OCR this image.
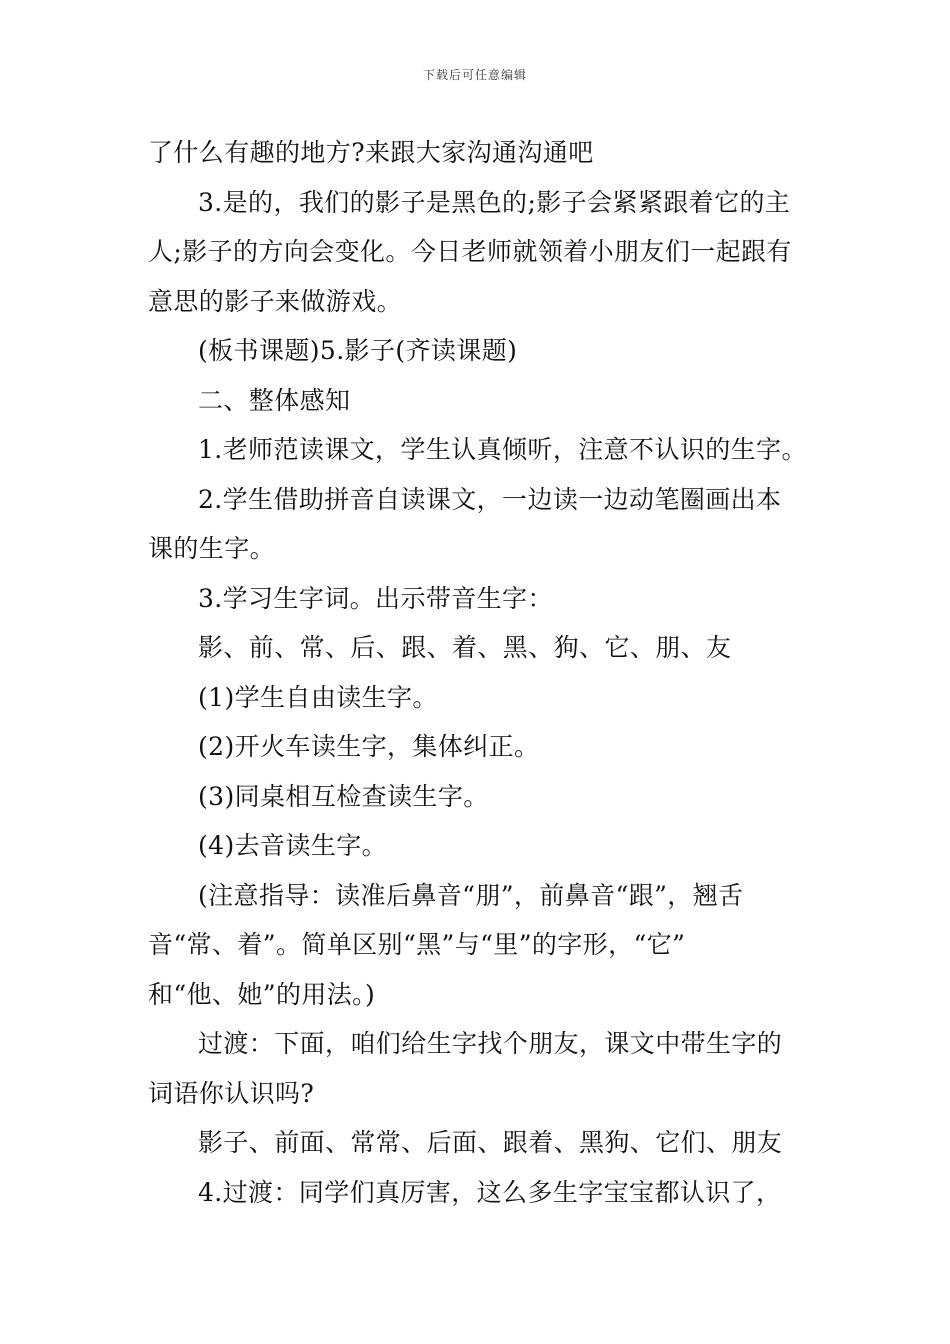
下载后可任意编辑
了什么有趣的地方?来跟大家沟通沟通吧
3.是的，我们的影子是黑色的;影子会紧紧跟着它的主
人;影子的方向会变化。今日老师就领着小朋友们一起跟有
意思的影子来做游戏。
(板书课题)5.影子(齐读课题)
二、整体感知
1.老师范读课文，学生认真倾听，注意不认识的生字。
2.学生借助拼音自读课文，一边读一边动笔圈画出本
课的生字。
3.学习生字词。出示带音生字：
影、前、常、后、跟、着、黑、狗、它、朋、友
(1)学生自由读生字。
(2)开火车读生字，集体纠正。
(3)同桌相互检查读生字。
(4)去音读生字。
(注意指导：读准后鼻音“朋”，前鼻音“跟”，翘舌
音“常、着”。简单区别“黑”与“里”的字形，“它”
和“他、她”的用法。)
过渡：下面，咱们给生字找个朋友，课文中带生字的
词语你认识吗?
影子、前面、常常、后面、跟着、黑狗、它们、朋友
4.过渡：同学们真厉害，这么多生字宝宝都认识了，
